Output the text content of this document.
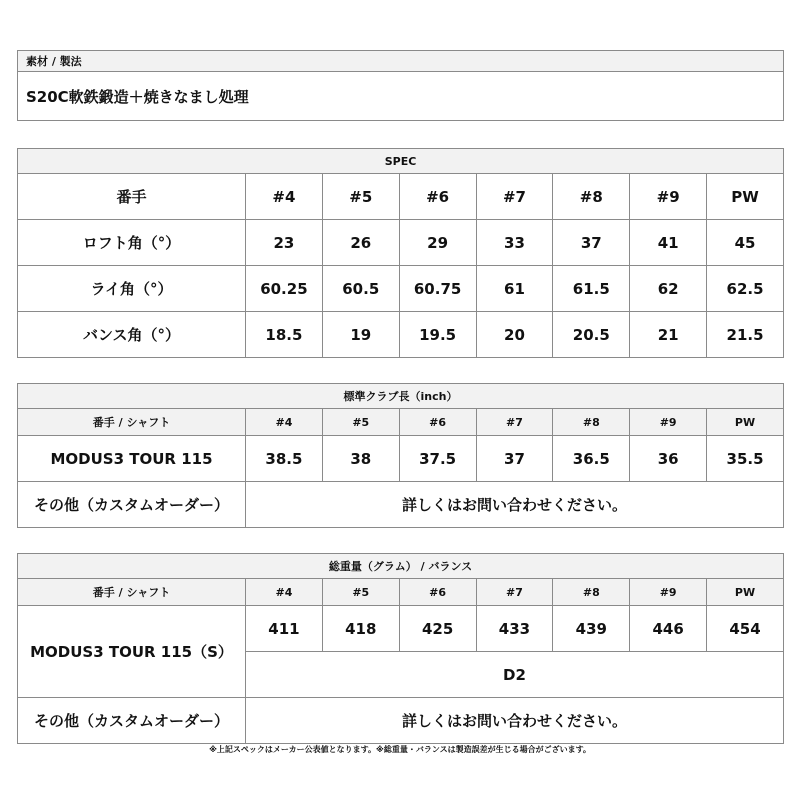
素材 / 製法
S20C軟鉄鍛造＋焼きなまし処理
SPEC							
番手	#4	#5	#6	#7	#8	#9	PW
ロフト角（°）	23	26	29	33	37	41	45
ライ角（°）	60.25	60.5	60.75	61	61.5	62	62.5
バンス角（°）	18.5	19	19.5	20	20.5	21	21.5
標準クラブ長（inch）							
番手 / シャフト	#4	#5	#6	#7	#8	#9	PW
MODUS3 TOUR 115	38.5	38	37.5	37	36.5	36	35.5
その他（カスタムオーダー）	詳しくはお問い合わせください。						
総重量（グラム） / バランス							
番手 / シャフト	#4	#5	#6	#7	#8	#9	PW
MODUS3 TOUR 115（S）	411	418	425	433	439	446	454
	D2						
その他（カスタムオーダー）	詳しくはお問い合わせください。						
※上記スペックはメーカー公表値となります。※総重量・バランスは製造誤差が生じる場合がございます。
